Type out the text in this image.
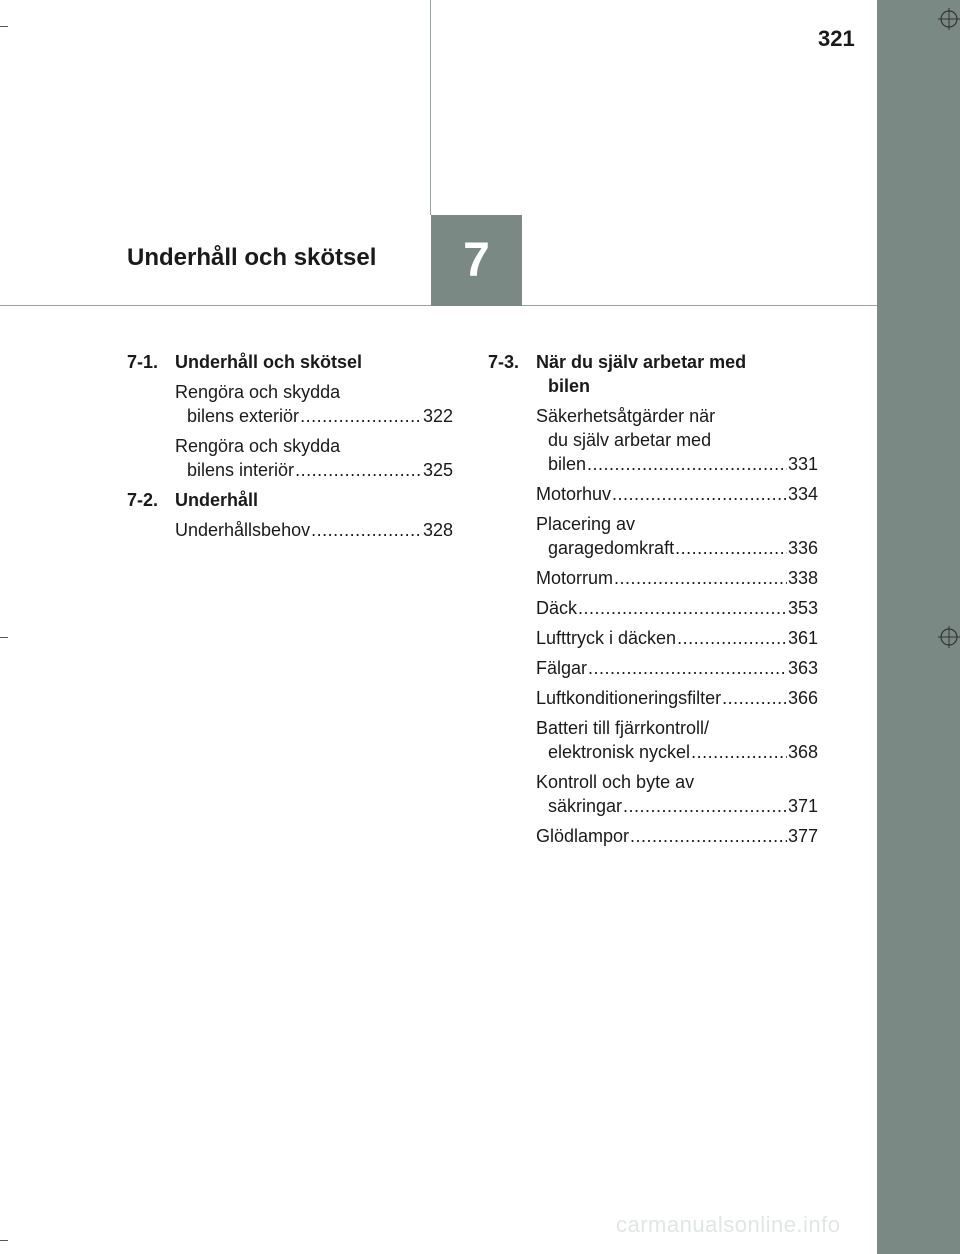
321
Underhåll och skötsel 7
7-1. Underhåll och skötsel
Rengöra och skydda
bilens exteriör .....	322
Rengöra och skydda
bilens interiör .....	325
7-2. Underhåll
Underhållsbehov .....	328
7-3. När du själv arbetar med
bilen
Säkerhetsåtgärder när
du själv arbetar med
bilen .....	331
Motorhuv .....	334
Placering av
garagedomkraft .....	336
Motorrum .....	338
Däck .....	353
Lufttryck i däcken .....	361
Fälgar .....	363
Luftkonditioneringsfilter .....	366
Batteri till fjärrkontroll/
elektronisk nyckel .....	368
Kontroll och byte av
säkringar .....	371
Glödlampor .....	377
carmanualsonline.info
